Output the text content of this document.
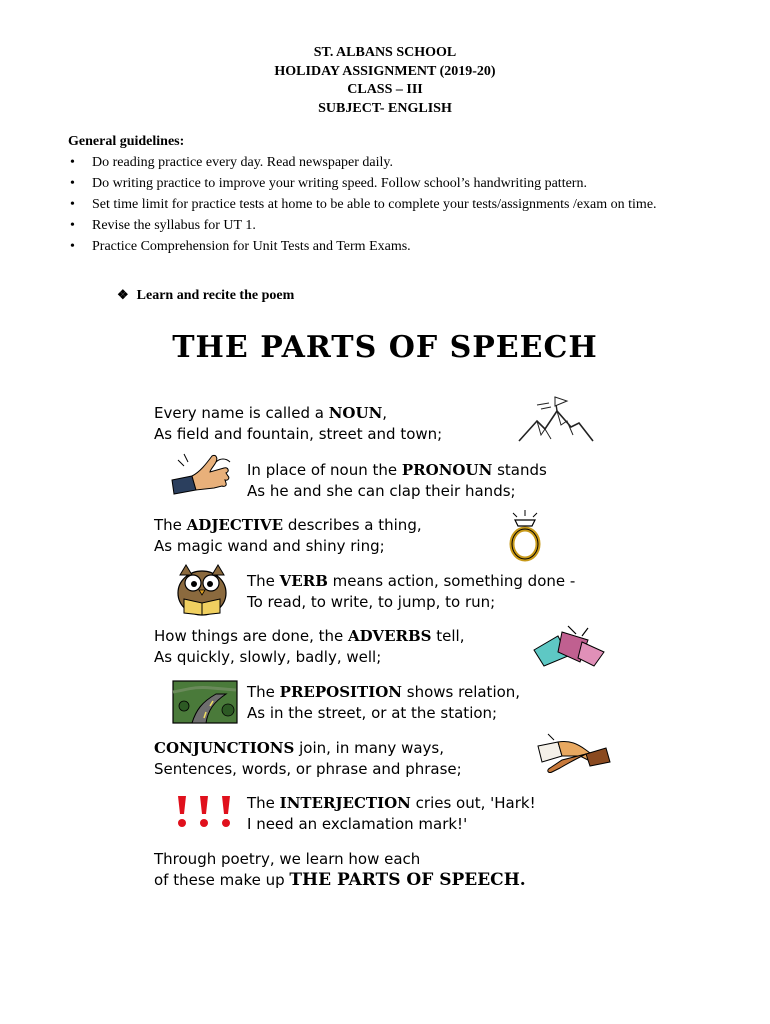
ST. ALBANS SCHOOL
HOLIDAY ASSIGNMENT (2019-20)
CLASS – III
SUBJECT- ENGLISH
General guidelines:
• Do reading practice every day. Read newspaper daily.
• Do writing practice to improve your writing speed. Follow school’s handwriting pattern.
• Set time limit for practice tests at home to be able to complete your tests/assignments /exam on time.
• Revise the syllabus for UT 1.
• Practice Comprehension for Unit Tests and Term Exams.
❖ Learn and recite the poem
THE PARTS OF SPEECH
Every name is called a NOUN,
As field and fountain, street and town;
In place of noun the PRONOUN stands
As he and she can clap their hands;
The ADJECTIVE describes a thing,
As magic wand and shiny ring;
The VERB means action, something done -
To read, to write, to jump, to run;
How things are done, the ADVERBS tell,
As quickly, slowly, badly, well;
The PREPOSITION shows relation,
As in the street, or at the station;
CONJUNCTIONS join, in many ways,
Sentences, words, or phrase and phrase;
The INTERJECTION cries out, 'Hark!
I need an exclamation mark!'
Through poetry, we learn how each
of these make up THE PARTS OF SPEECH.
